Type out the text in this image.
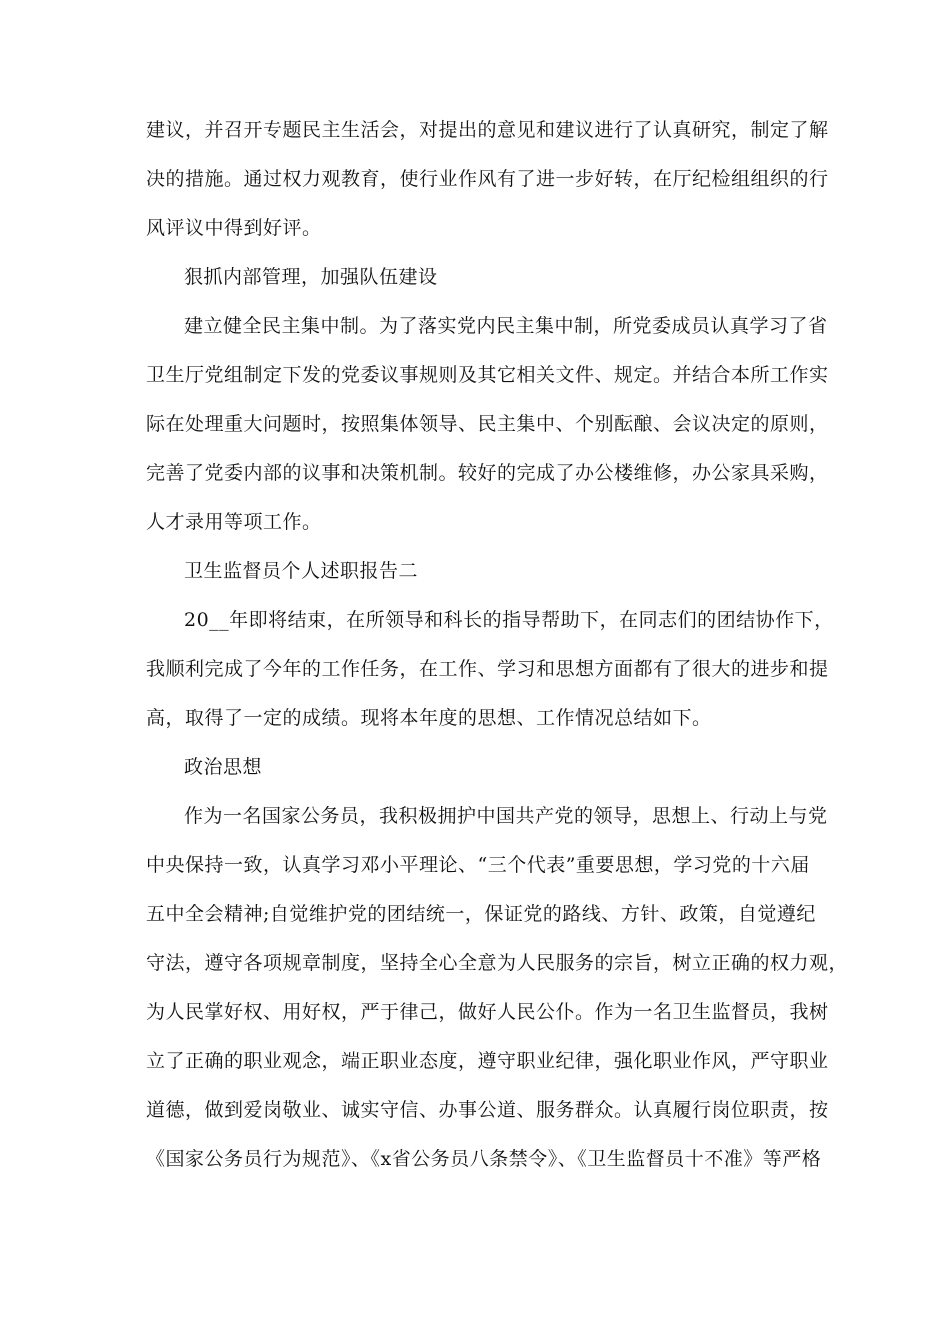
建议，并召开专题民主生活会，对提出的意见和建议进行了认真研究，制定了解
决的措施。通过权力观教育，使行业作风有了进一步好转，在厅纪检组组织的行
风评议中得到好评。
狠抓内部管理，加强队伍建设
建立健全民主集中制。为了落实党内民主集中制，所党委成员认真学习了省
卫生厅党组制定下发的党委议事规则及其它相关文件、规定。并结合本所工作实
际在处理重大问题时，按照集体领导、民主集中、个别酝酿、会议决定的原则，
完善了党委内部的议事和决策机制。较好的完成了办公楼维修，办公家具采购，
人才录用等项工作。
卫生监督员个人述职报告二
20__年即将结束，在所领导和科长的指导帮助下，在同志们的团结协作下，
我顺利完成了今年的工作任务，在工作、学习和思想方面都有了很大的进步和提
高，取得了一定的成绩。现将本年度的思想、工作情况总结如下。
政治思想
作为一名国家公务员，我积极拥护中国共产党的领导，思想上、行动上与党
中央保持一致，认真学习邓小平理论、“三个代表”重要思想，学习党的十六届
五中全会精神;自觉维护党的团结统一，保证党的路线、方针、政策，自觉遵纪
守法，遵守各项规章制度，坚持全心全意为人民服务的宗旨，树立正确的权力观，
为人民掌好权、用好权，严于律己，做好人民公仆。作为一名卫生监督员，我树
立了正确的职业观念，端正职业态度，遵守职业纪律，强化职业作风，严守职业
道德，做到爱岗敬业、诚实守信、办事公道、服务群众。认真履行岗位职责，按
《国家公务员行为规范》、《x省公务员八条禁令》、《卫生监督员十不准》等严格
